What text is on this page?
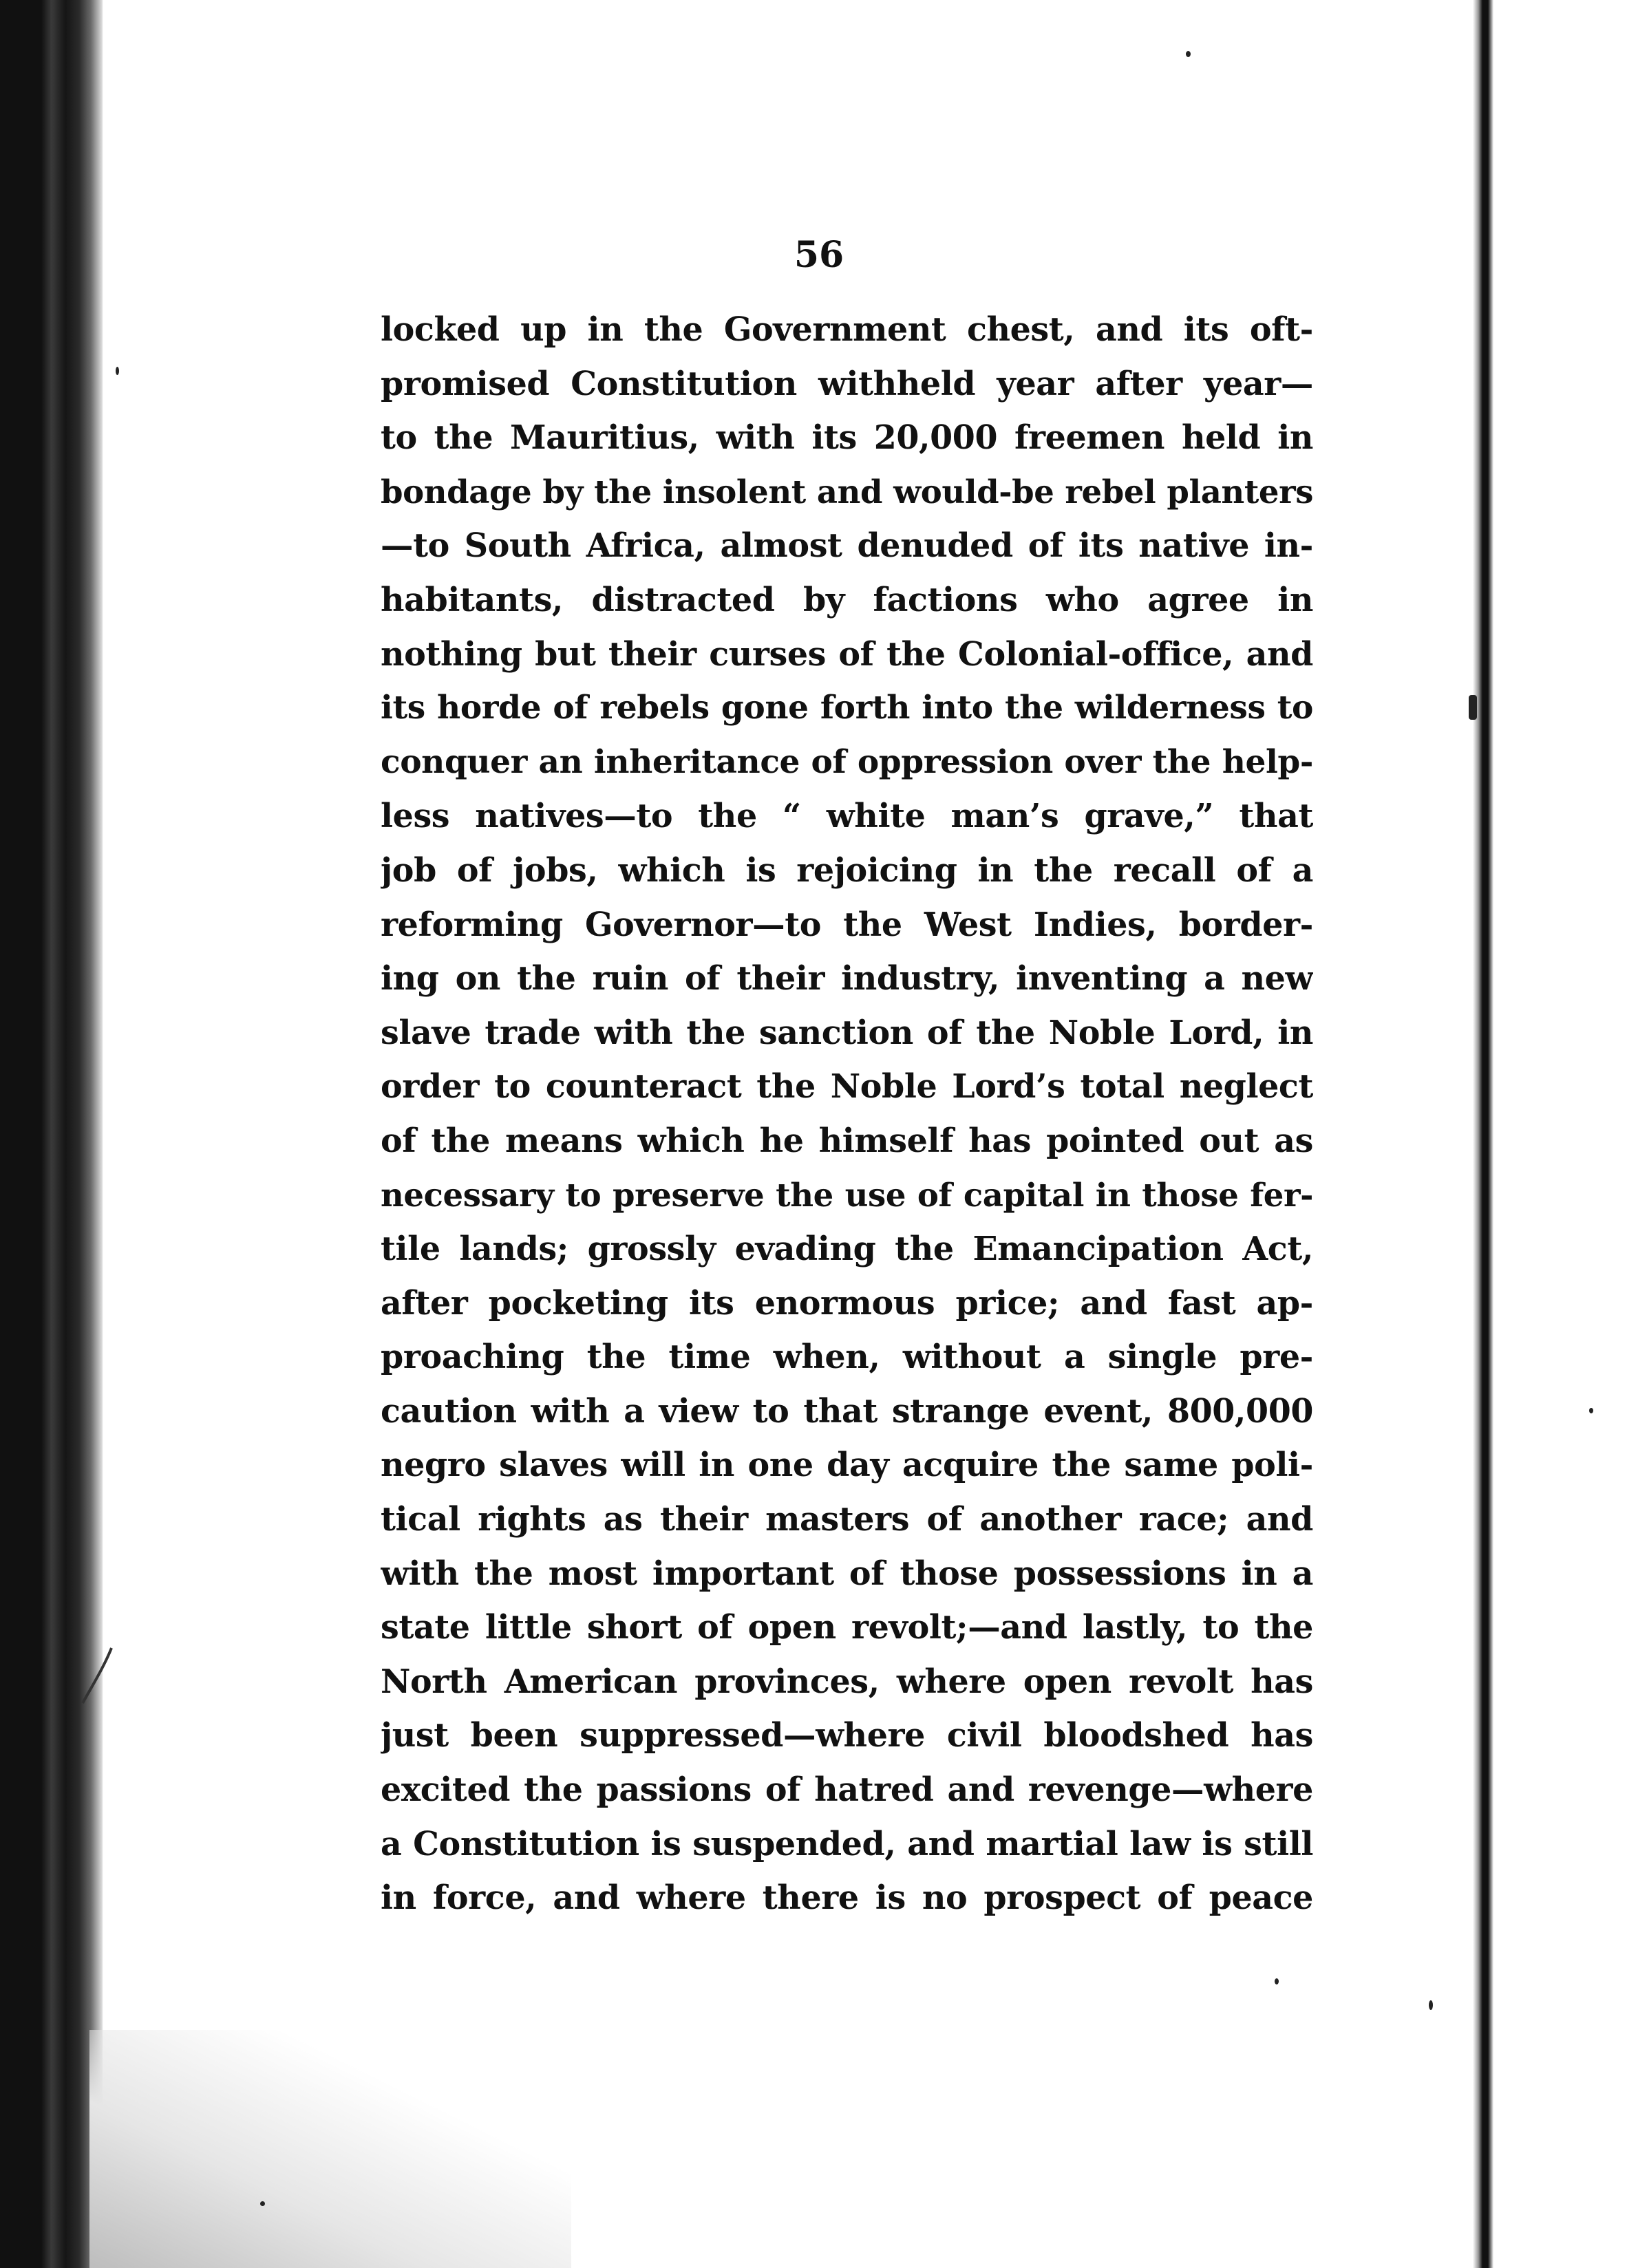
56
locked up in the Government chest, and its oft-
promised Constitution withheld year after year—
to the Mauritius, with its 20,000 freemen held in
bondage by the insolent and would-be rebel planters
—to South Africa, almost denuded of its native in-
habitants, distracted by factions who agree in
nothing but their curses of the Colonial-office, and
its horde of rebels gone forth into the wilderness to
conquer an inheritance of oppression over the help-
less natives—to the “ white man’s grave,” that
job of jobs, which is rejoicing in the recall of a
reforming Governor—to the West Indies, border-
ing on the ruin of their industry, inventing a new
slave trade with the sanction of the Noble Lord, in
order to counteract the Noble Lord’s total neglect
of the means which he himself has pointed out as
necessary to preserve the use of capital in those fer-
tile lands; grossly evading the Emancipation Act,
after pocketing its enormous price; and fast ap-
proaching the time when, without a single pre-
caution with a view to that strange event, 800,000
negro slaves will in one day acquire the same poli-
tical rights as their masters of another race; and
with the most important of those possessions in a
state little short of open revolt;—and lastly, to the
North American provinces, where open revolt has
just been suppressed—where civil bloodshed has
excited the passions of hatred and revenge—where
a Constitution is suspended, and martial law is still
in force, and where there is no prospect of peace
